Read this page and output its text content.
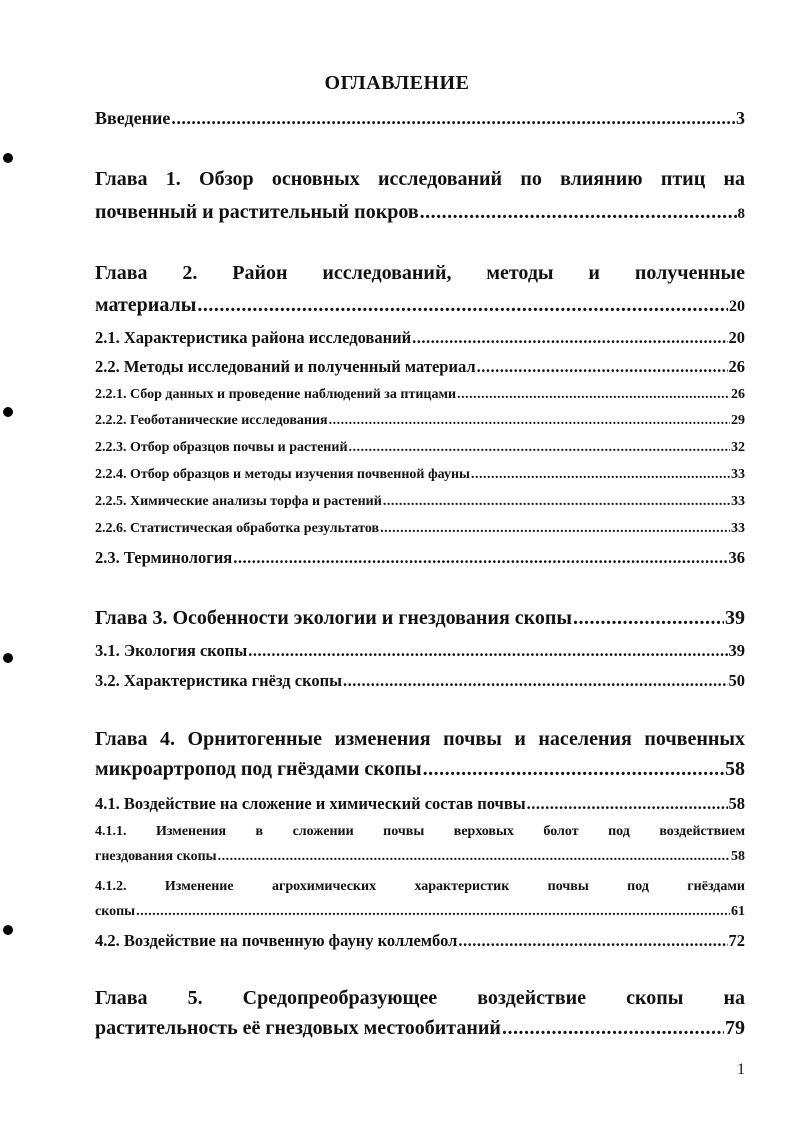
ОГЛАВЛЕНИЕ
Введение .....	3
Глава 1. Обзор основных исследований по влиянию птиц на
почвенный и растительный покров .....	8
Глава 2. Район исследований, методы и полученные
материалы .....	20
2.1. Характеристика района исследований .....	20
2.2. Методы исследований и полученный материал .....	26
2.2.1. Сбор данных и проведение наблюдений за птицами .....	26
2.2.2. Геоботанические исследования .....	29
2.2.3. Отбор образцов почвы и растений .....	32
2.2.4. Отбор образцов и методы изучения почвенной фауны .....	33
2.2.5. Химические анализы торфа и растений .....	33
2.2.6. Статистическая обработка результатов .....	33
2.3. Терминология .....	36
Глава 3. Особенности экологии и гнездования скопы .....	39
3.1. Экология скопы .....	39
3.2. Характеристика гнёзд скопы .....	50
Глава 4. Орнитогенные изменения почвы и населения почвенных
микроартропод под гнёздами скопы .....	58
4.1. Воздействие на сложение и химический состав почвы .....	58
4.1.1. Изменения в сложении почвы верховых болот под воздействием
гнездования скопы .....	58
4.1.2. Изменение агрохимических характеристик почвы под гнёздами
скопы .....	61
4.2. Воздействие на почвенную фауну коллембол .....	72
Глава 5. Средопреобразующее воздействие скопы на
растительность её гнездовых местообитаний .....	79
1
